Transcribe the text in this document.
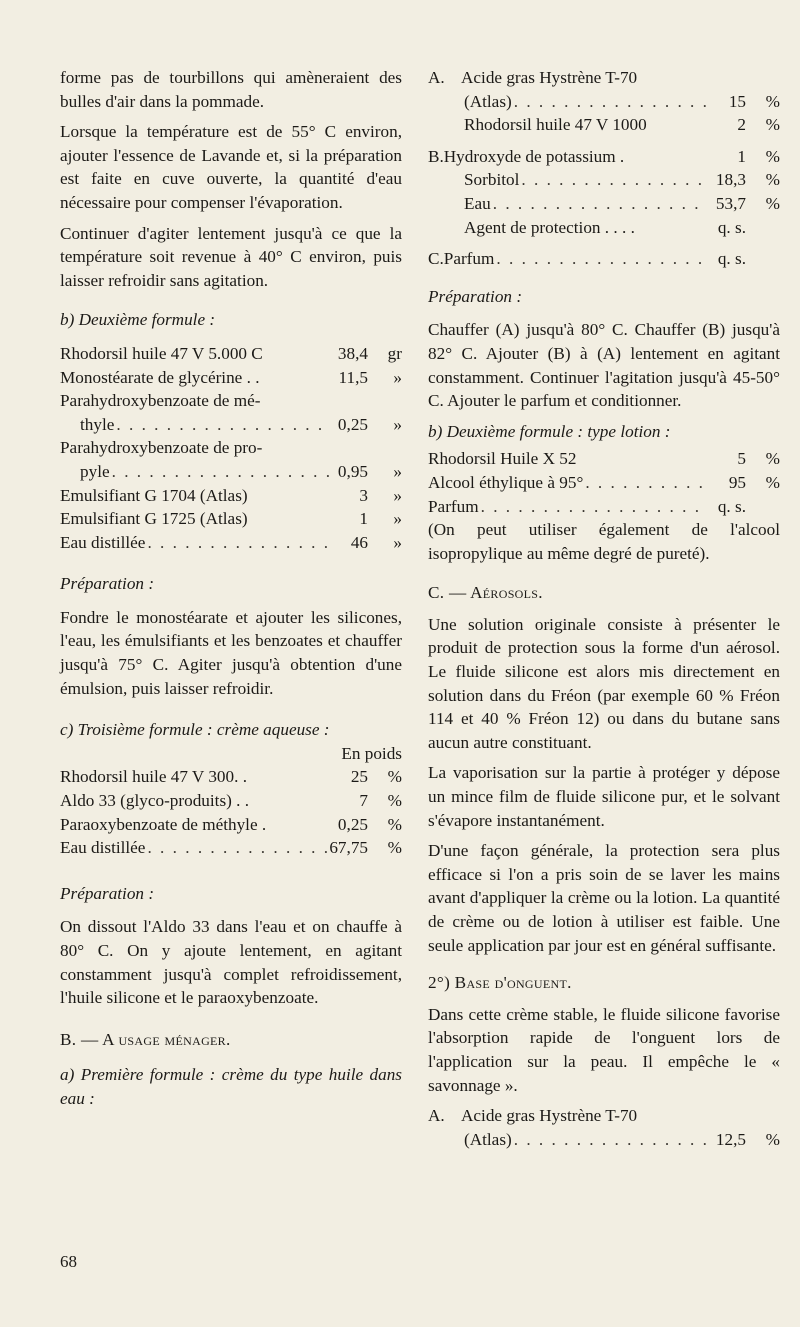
forme pas de tourbillons qui amèneraient des bulles d'air dans la pommade.

Lorsque la température est de 55° C environ, ajouter l'essence de Lavande et, si la préparation est faite en cuve ouverte, la quantité d'eau nécessaire pour compenser l'évaporation.

Continuer d'agiter lentement jusqu'à ce que la température soit revenue à 40° C environ, puis laisser refroidir sans agitation.

b) Deuxième formule :
Rhodorsil huile 47 V 5.000 C	38,4	gr
Monostéarate de glycérine . .	11,5	»
Parahydroxybenzoate de mé-
thyle . . .	0,25	»
Parahydroxybenzoate de pro-
pyle . . .	0,95	»
Emulsifiant G 1704 (Atlas)	3	»
Emulsifiant G 1725 (Atlas)	1	»
Eau distillée . . .	46	»
Préparation :

Fondre le monostéarate et ajouter les silicones, l'eau, les émulsifiants et les benzoates et chauffer jusqu'à 75° C. Agiter jusqu'à obtention d'une émulsion, puis laisser refroidir.

c) Troisième formule : crème aqueuse :
En poids
Rhodorsil huile 47 V 300. .	25	%
Aldo 33 (glyco-produits) . .	7	%
Paraoxybenzoate de méthyle .	0,25	%
Eau distillée . . .	67,75	%
Préparation :

On dissout l'Aldo 33 dans l'eau et on chauffe à 80° C. On y ajoute lentement, en agitant constamment jusqu'à complet refroidissement, l'huile silicone et le paraoxybenzoate.

B. — A usage ménager.

a) Première formule : crème du type huile dans eau :

A. Acide gras Hystrène T-70
(Atlas) . . .	15	%
Rhodorsil huile 47 V 1000	2	%
B. Hydroxyde de potassium .	1	%
Sorbitol . . .	18,3	%
Eau . . .	53,7	%
Agent de protection . . . .	q. s.
C. Parfum . . .	q. s.
Préparation :

Chauffer (A) jusqu'à 80° C. Chauffer (B) jusqu'à 82° C. Ajouter (B) à (A) lentement en agitant constamment. Continuer l'agitation jusqu'à 45-50° C. Ajouter le parfum et conditionner.

b) Deuxième formule : type lotion :
Rhodorsil Huile X 52	5	%
Alcool éthylique à 95° . . .	95	%
Parfum . . .	q. s.

(On peut utiliser également de l'alcool isopropylique au même degré de pureté).

C. — Aérosols.

Une solution originale consiste à présenter le produit de protection sous la forme d'un aérosol. Le fluide silicone est alors mis directement en solution dans du Fréon (par exemple 60 % Fréon 114 et 40 % Fréon 12) ou dans du butane sans aucun autre constituant.

La vaporisation sur la partie à protéger y dépose un mince film de fluide silicone pur, et le solvant s'évapore instantanément.

D'une façon générale, la protection sera plus efficace si l'on a pris soin de se laver les mains avant d'appliquer la crème ou la lotion. La quantité de crème ou de lotion à utiliser est faible. Une seule application par jour est en général suffisante.

2°) Base d'onguent.

Dans cette crème stable, le fluide silicone favorise l'absorption rapide de l'onguent lors de l'application sur la peau. Il empêche le « savonnage ».

A. Acide gras Hystrène T-70
(Atlas) . . .	12,5	%
68
